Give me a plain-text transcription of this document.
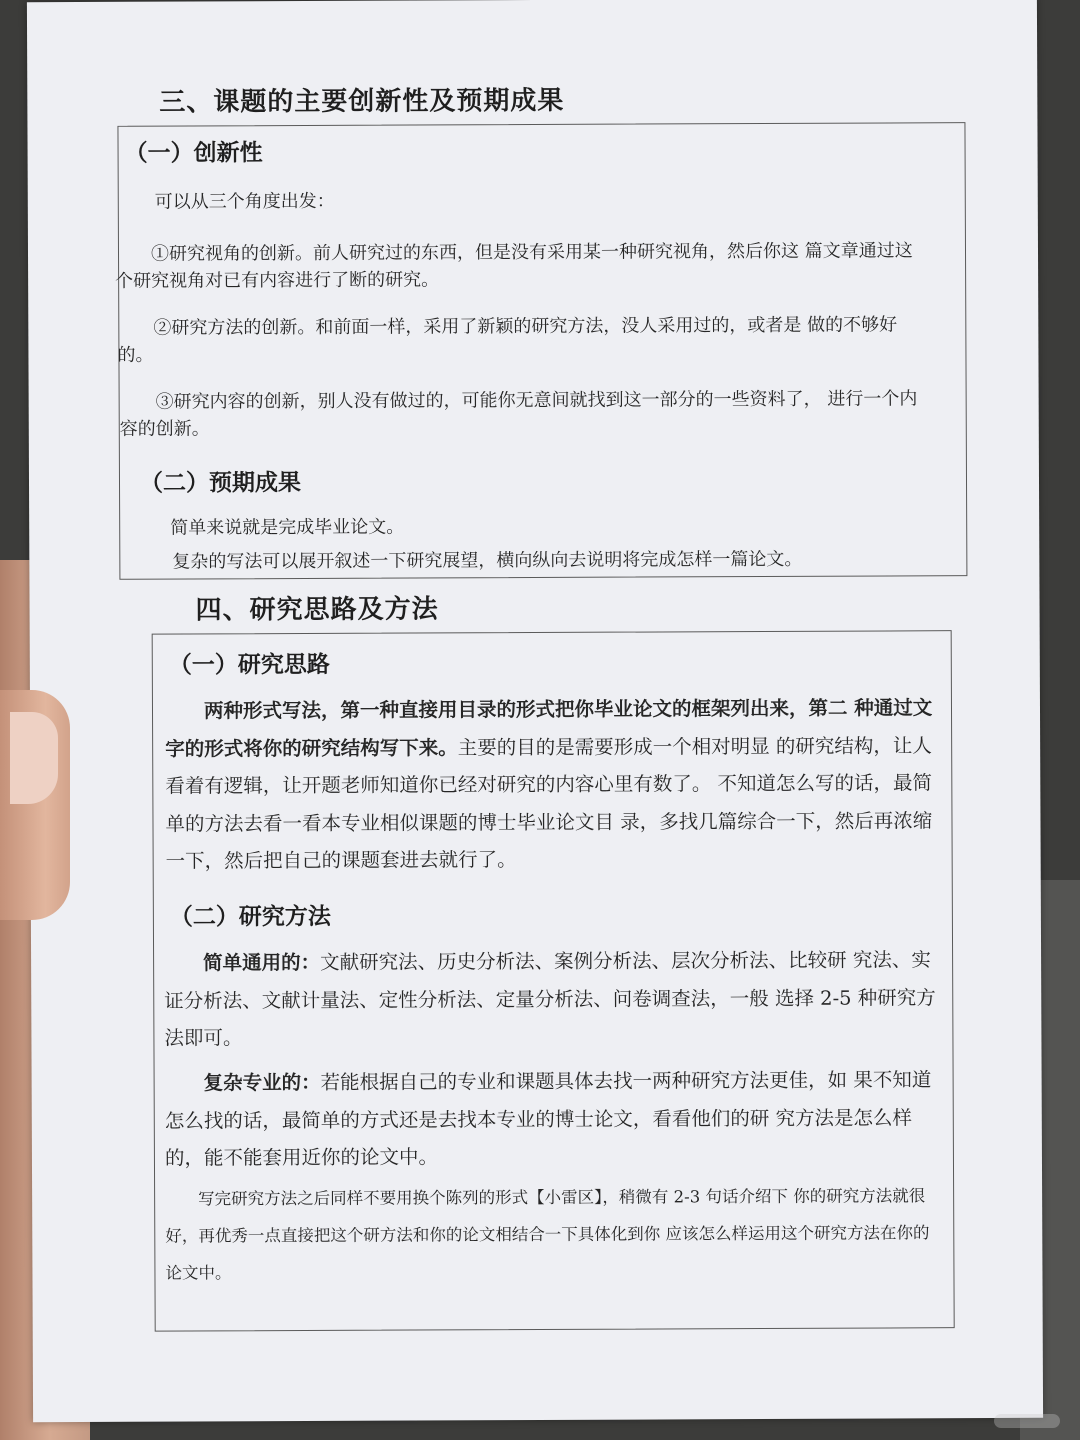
三、课题的主要创新性及预期成果
（一）创新性
可以从三个角度出发：
①研究视角的创新。前人研究过的东西，但是没有采用某一种研究视角，然后你这 篇文章通过这个研究视角对已有内容进行了断的研究。
②研究方法的创新。和前面一样，采用了新颖的研究方法，没人采用过的，或者是 做的不够好的。
③研究内容的创新，别人没有做过的，可能你无意间就找到这一部分的一些资料了， 进行一个内容的创新。
（二）预期成果
简单来说就是完成毕业论文。
复杂的写法可以展开叙述一下研究展望，横向纵向去说明将完成怎样一篇论文。
四、研究思路及方法
（一）研究思路
两种形式写法，第一种直接用目录的形式把你毕业论文的框架列出来，第二 种通过文字的形式将你的研究结构写下来。主要的目的是需要形成一个相对明显 的研究结构，让人看着有逻辑，让开题老师知道你已经对研究的内容心里有数了。 不知道怎么写的话，最简单的方法去看一看本专业相似课题的博士毕业论文目 录，多找几篇综合一下，然后再浓缩一下，然后把自己的课题套进去就行了。
（二）研究方法
简单通用的：文献研究法、历史分析法、案例分析法、层次分析法、比较研 究法、实证分析法、文献计量法、定性分析法、定量分析法、问卷调查法，一般 选择 2-5 种研究方法即可。
复杂专业的：若能根据自己的专业和课题具体去找一两种研究方法更佳，如 果不知道怎么找的话，最简单的方式还是去找本专业的博士论文，看看他们的研 究方法是怎么样的，能不能套用近你的论文中。
写完研究方法之后同样不要用换个陈列的形式【小雷区】，稍微有 2-3 句话介绍下 你的研究方法就很好，再优秀一点直接把这个研方法和你的论文相结合一下具体化到你 应该怎么样运用这个研究方法在你的论文中。
